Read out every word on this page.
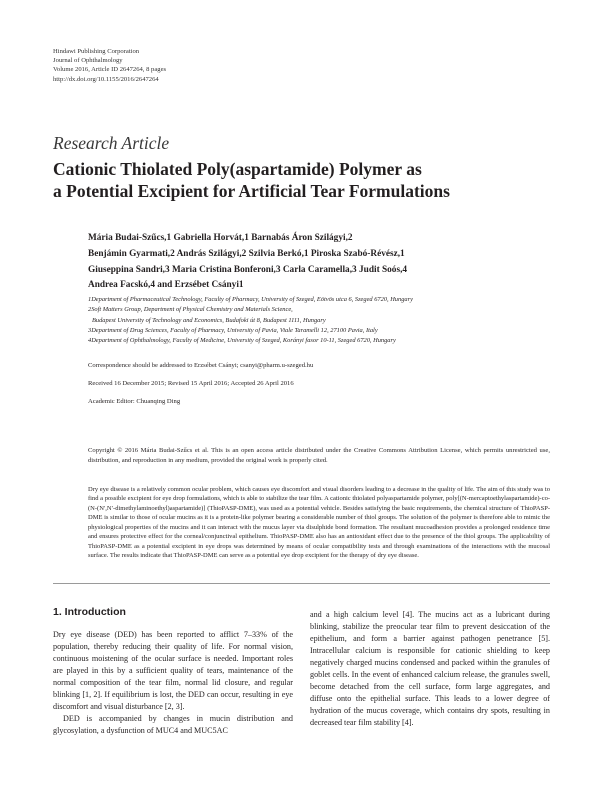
Hindawi Publishing Corporation
Journal of Ophthalmology
Volume 2016, Article ID 2647264, 8 pages
http://dx.doi.org/10.1155/2016/2647264
Research Article
Cationic Thiolated Poly(aspartamide) Polymer as
a Potential Excipient for Artificial Tear Formulations
Mária Budai-Szűcs,1 Gabriella Horvát,1 Barnabás Áron Szilágyi,2
Benjámin Gyarmati,2 András Szilágyi,2 Szilvia Berkó,1 Piroska Szabó-Révész,1
Giuseppina Sandri,3 Maria Cristina Bonferoni,3 Carla Caramella,3 Judit Soós,4
Andrea Facskó,4 and Erzsébet Csányi1
1Department of Pharmaceutical Technology, Faculty of Pharmacy, University of Szeged, Eötvös utca 6, Szeged 6720, Hungary
2Soft Matters Group, Department of Physical Chemistry and Materials Science,
Budapest University of Technology and Economics, Budafoki út 8, Budapest 1111, Hungary
3Department of Drug Sciences, Faculty of Pharmacy, University of Pavia, Viale Taramelli 12, 27100 Pavia, Italy
4Department of Ophthalmology, Faculty of Medicine, University of Szeged, Korányi fasor 10-11, Szeged 6720, Hungary
Correspondence should be addressed to Erzsébet Csányi; csanyi@pharm.u-szeged.hu
Received 16 December 2015; Revised 15 April 2016; Accepted 26 April 2016
Academic Editor: Chuanqing Ding
Copyright © 2016 Mária Budai-Szűcs et al. This is an open access article distributed under the Creative Commons Attribution License, which permits unrestricted use, distribution, and reproduction in any medium, provided the original work is properly cited.
Dry eye disease is a relatively common ocular problem, which causes eye discomfort and visual disorders leading to a decrease in the quality of life. The aim of this study was to find a possible excipient for eye drop formulations, which is able to stabilize the tear film. A cationic thiolated polyaspartamide polymer, poly[(N-mercaptoethylaspartamide)-co-(N-(N′,N′-dimethylaminoethyl)aspartamide)] (ThioPASP-DME), was used as a potential vehicle. Besides satisfying the basic requirements, the chemical structure of ThioPASP-DME is similar to those of ocular mucins as it is a protein-like polymer bearing a considerable number of thiol groups. The solution of the polymer is therefore able to mimic the physiological properties of the mucins and it can interact with the mucus layer via disulphide bond formation. The resultant mucoadhesion provides a prolonged residence time and ensures protective effect for the corneal/conjunctival epithelium. ThioPASP-DME also has an antioxidant effect due to the presence of the thiol groups. The applicability of ThioPASP-DME as a potential excipient in eye drops was determined by means of ocular compatibility tests and through examinations of the interactions with the mucosal surface. The results indicate that ThioPASP-DME can serve as a potential eye drop excipient for the therapy of dry eye disease.
1. Introduction

Dry eye disease (DED) has been reported to afflict 7–33% of the population, thereby reducing their quality of life. For normal vision, continuous moistening of the ocular surface is needed. Important roles are played in this by a sufficient quality of tears, maintenance of the normal composition of the tear film, normal lid closure, and regular blinking [1, 2]. If equilibrium is lost, the DED can occur, resulting in eye discomfort and visual disturbance [2, 3].

DED is accompanied by changes in mucin distribution and glycosylation, a dysfunction of MUC4 and MUC5AC

and a high calcium level [4]. The mucins act as a lubricant during blinking, stabilize the preocular tear film to prevent desiccation of the epithelium, and form a barrier against pathogen penetrance [5]. Intracellular calcium is responsible for cationic shielding to keep negatively charged mucins condensed and packed within the granules of goblet cells. In the event of enhanced calcium release, the granules swell, become detached from the cell surface, form large aggregates, and diffuse onto the epithelial surface. This leads to a lower degree of hydration of the mucus coverage, which contains dry spots, resulting in decreased tear film stability [4].
